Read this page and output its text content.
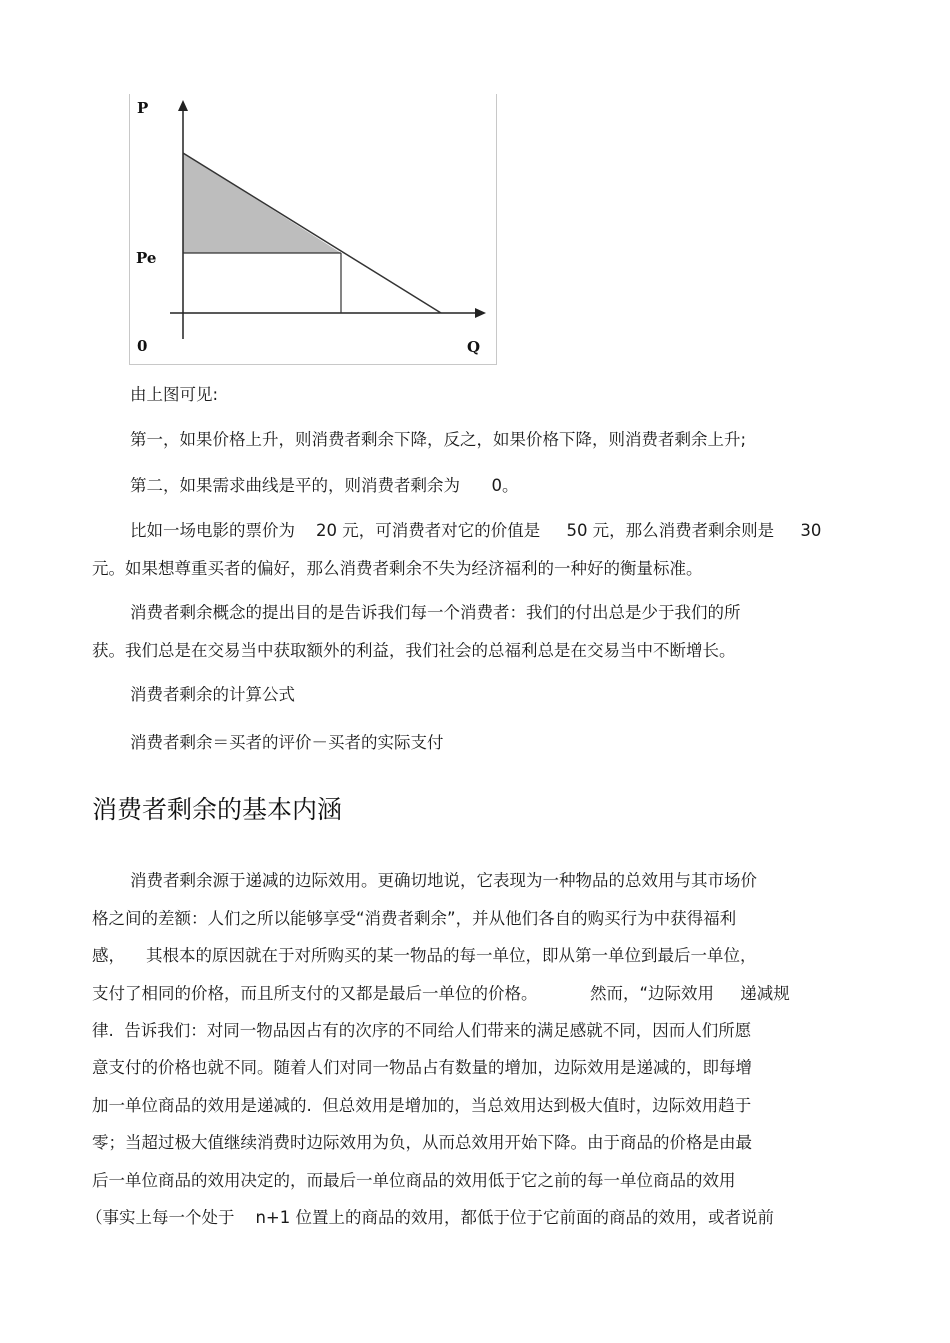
P
Pe
0	Q
由上图可见:
第一，如果价格上升，则消费者剩余下降，反之，如果价格下降，则消费者剩余上升;
第二，如果需求曲线是平的，则消费者剩余为      0。
比如一场电影的票价为    20 元，可消费者对它的价值是     50 元，那么消费者剩余则是     30
元。如果想尊重买者的偏好，那么消费者剩余不失为经济福利的一种好的衡量标准。
消费者剩余概念的提出目的是告诉我们每一个消费者：我们的付出总是少于我们的所
获。我们总是在交易当中获取额外的利益，我们社会的总福利总是在交易当中不断增长。
消费者剩余的计算公式
消费者剩余＝买者的评价－买者的实际支付
消费者剩余的基本内涵
消费者剩余源于递减的边际效用。更确切地说，它表现为一种物品的总效用与其市场价
格之间的差额：人们之所以能够享受“消费者剩余”，并从他们各自的购买行为中获得福利
感，    其根本的原因就在于对所购买的某一物品的每一单位，即从第一单位到最后一单位，
支付了相同的价格，而且所支付的又都是最后一单位的价格。          然而，“边际效用     递减规
律.  告诉我们：对同一物品因占有的次序的不同给人们带来的满足感就不同，因而人们所愿
意支付的价格也就不同。随着人们对同一物品占有数量的增加，边际效用是递减的，即每增
加一单位商品的效用是递减的.  但总效用是增加的，当总效用达到极大值时，边际效用趋于
零；当超过极大值继续消费时边际效用为负，从而总效用开始下降。由于商品的价格是由最
后一单位商品的效用决定的，而最后一单位商品的效用低于它之前的每一单位商品的效用
（事实上每一个处于    n+1 位置上的商品的效用，都低于位于它前面的商品的效用，或者说前
